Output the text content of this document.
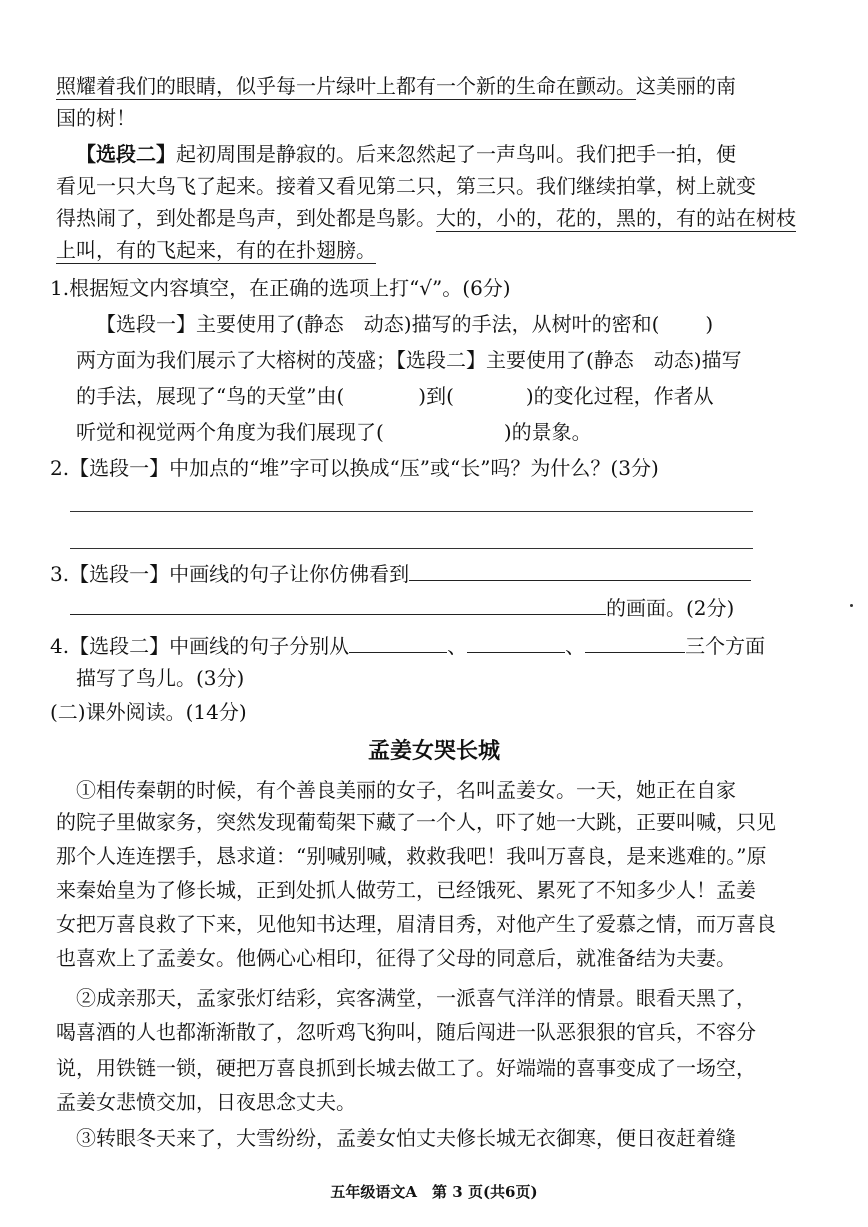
照耀着我们的眼睛，似乎每一片绿叶上都有一个新的生命在颤动。这美丽的南
国的树！
【选段二】起初周围是静寂的。后来忽然起了一声鸟叫。我们把手一拍，便
看见一只大鸟飞了起来。接着又看见第二只，第三只。我们继续拍掌，树上就变
得热闹了，到处都是鸟声，到处都是鸟影。大的，小的，花的，黑的，有的站在树枝
上叫，有的飞起来，有的在扑翅膀。
1.根据短文内容填空，在正确的选项上打“√”。(6分)
【选段一】主要使用了(静态　动态)描写的手法，从树叶的密和( )
两方面为我们展示了大榕树的茂盛；【选段二】主要使用了(静态　动态)描写
的手法，展现了“鸟的天堂”由(	)到(	)的变化过程，作者从
听觉和视觉两个角度为我们展现了(	)的景象。
2.【选段一】中加点的“堆”字可以换成“压”或“长”吗？为什么？(3分)
3.【选段一】中画线的句子让你仿佛看到
的画面。(2分)
4.【选段二】中画线的句子分别从	、	、	三个方面
描写了鸟儿。(3分)
(二)课外阅读。(14分)
孟姜女哭长城
①相传秦朝的时候，有个善良美丽的女子，名叫孟姜女。一天，她正在自家
的院子里做家务，突然发现葡萄架下藏了一个人，吓了她一大跳，正要叫喊，只见
那个人连连摆手，恳求道：“别喊别喊，救救我吧！我叫万喜良，是来逃难的。”原
来秦始皇为了修长城，正到处抓人做劳工，已经饿死、累死了不知多少人！孟姜
女把万喜良救了下来，见他知书达理，眉清目秀，对他产生了爱慕之情，而万喜良
也喜欢上了孟姜女。他俩心心相印，征得了父母的同意后，就准备结为夫妻。
②成亲那天，孟家张灯结彩，宾客满堂，一派喜气洋洋的情景。眼看天黑了，
喝喜酒的人也都渐渐散了，忽听鸡飞狗叫，随后闯进一队恶狠狠的官兵，不容分
说，用铁链一锁，硬把万喜良抓到长城去做工了。好端端的喜事变成了一场空，
孟姜女悲愤交加，日夜思念丈夫。
③转眼冬天来了，大雪纷纷，孟姜女怕丈夫修长城无衣御寒，便日夜赶着缝
五年级语文A　第 3 页(共6页)
